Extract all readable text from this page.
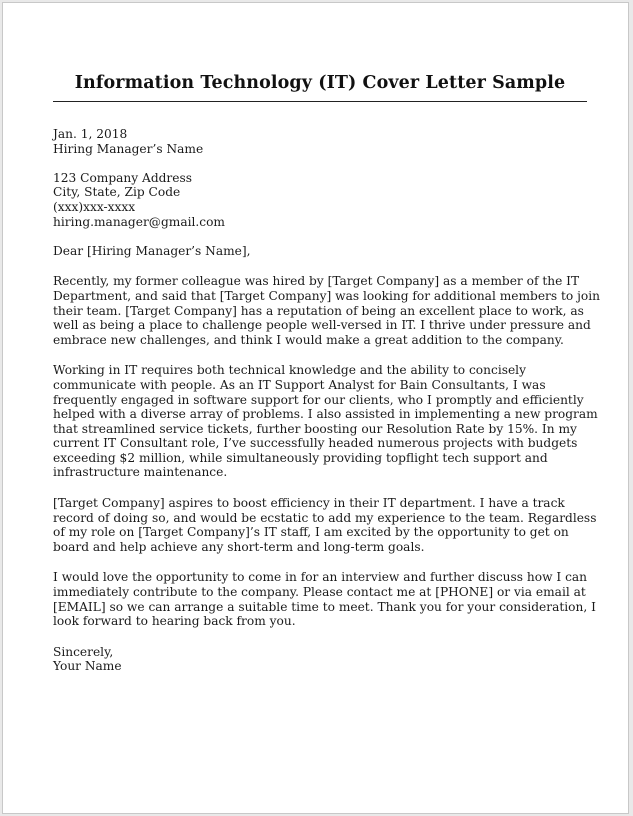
Information Technology (IT) Cover Letter Sample
Jan. 1, 2018
Hiring Manager’s Name
123 Company Address
City, State, Zip Code
(xxx)xxx-xxxx
hiring.manager@gmail.com
Dear [Hiring Manager’s Name],
Recently, my former colleague was hired by [Target Company] as a member of the IT
Department, and said that [Target Company] was looking for additional members to join
their team. [Target Company] has a reputation of being an excellent place to work, as
well as being a place to challenge people well-versed in IT. I thrive under pressure and
embrace new challenges, and think I would make a great addition to the company.
Working in IT requires both technical knowledge and the ability to concisely
communicate with people. As an IT Support Analyst for Bain Consultants, I was
frequently engaged in software support for our clients, who I promptly and efficiently
helped with a diverse array of problems. I also assisted in implementing a new program
that streamlined service tickets, further boosting our Resolution Rate by 15%. In my
current IT Consultant role, I’ve successfully headed numerous projects with budgets
exceeding $2 million, while simultaneously providing topflight tech support and
infrastructure maintenance.
[Target Company] aspires to boost efficiency in their IT department. I have a track
record of doing so, and would be ecstatic to add my experience to the team. Regardless
of my role on [Target Company]’s IT staff, I am excited by the opportunity to get on
board and help achieve any short-term and long-term goals.
I would love the opportunity to come in for an interview and further discuss how I can
immediately contribute to the company. Please contact me at [PHONE] or via email at
[EMAIL] so we can arrange a suitable time to meet. Thank you for your consideration, I
look forward to hearing back from you.
Sincerely,
Your Name
